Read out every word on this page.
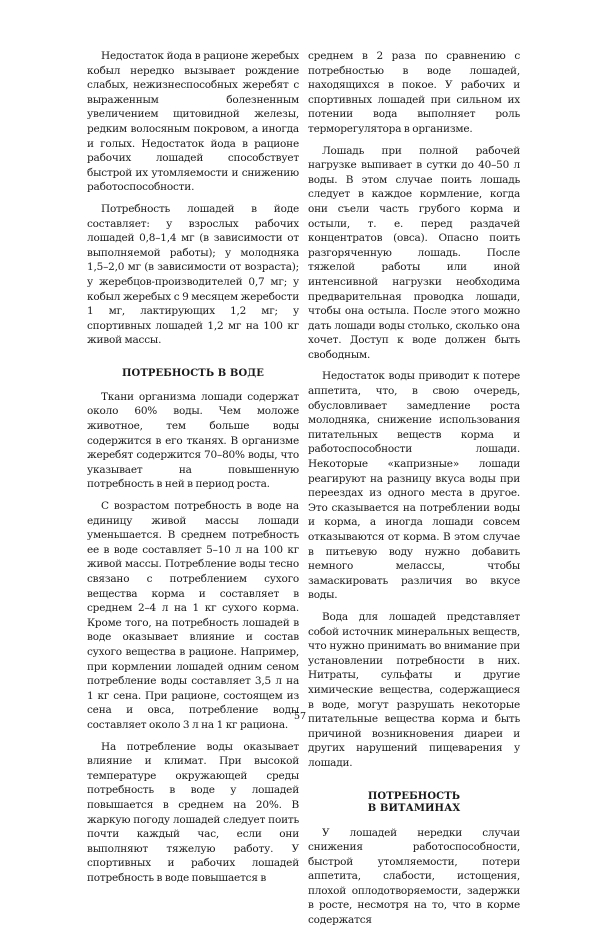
Недостаток йода в рационе жеребых кобыл нередко вызывает рождение слабых, нежизнеспособных жеребят с выраженным болезненным увеличением щитовидной железы, редким волосяным покровом, а иногда и голых. Недостаток йода в рационе рабочих лошадей способствует быстрой их утомляемости и снижению работоспособности.

Потребность лошадей в йоде составляет: у взрослых рабочих лошадей 0,8–1,4 мг (в зависимости от выполняемой работы); у молодняка 1,5–2,0 мг (в зависимости от возраста); у жеребцов-производителей 0,7 мг; у кобыл жеребых с 9 месяцем жеребости 1 мг, лактирующих 1,2 мг; у спортивных лошадей 1,2 мг на 100 кг живой массы.

ПОТРЕБНОСТЬ В ВОДЕ

Ткани организма лошади содержат около 60% воды. Чем моложе животное, тем больше воды содержится в его тканях. В организме жеребят содержится 70–80% воды, что указывает на повышенную потребность в ней в период роста.

С возрастом потребность в воде на единицу живой массы лошади уменьшается. В среднем потребность ее в воде составляет 5–10 л на 100 кг живой массы. Потребление воды тесно связано с потреблением сухого вещества корма и составляет в среднем 2–4 л на 1 кг сухого корма. Кроме того, на потребность лошадей в воде оказывает влияние и состав сухого вещества в рационе. Например, при кормлении лошадей одним сеном потребление воды составляет 3,5 л на 1 кг сена. При рационе, состоящем из сена и овса, потребление воды составляет около 3 л на 1 кг рациона.

На потребление воды оказывает влияние и климат. При высокой температуре окружающей среды потребность в воде у лошадей повышается в среднем на 20%. В жаркую погоду лошадей следует поить почти каждый час, если они выполняют тяжелую работу. У спортивных и рабочих лошадей потребность в воде повышается в

среднем в 2 раза по сравнению с потребностью в воде лошадей, находящихся в покое. У рабочих и спортивных лошадей при сильном их потении вода выполняет роль терморегулятора в организме.

Лошадь при полной рабочей нагрузке выпивает в сутки до 40–50 л воды. В этом случае поить лошадь следует в каждое кормление, когда они съели часть грубого корма и остыли, т. е. перед раздачей концентратов (овса). Опасно поить разгоряченную лошадь. После тяжелой работы или иной интенсивной нагрузки необходима предварительная проводка лошади, чтобы она остыла. После этого можно дать лошади воды столько, сколько она хочет. Доступ к воде должен быть свободным.

Недостаток воды приводит к потере аппетита, что, в свою очередь, обусловливает замедление роста молодняка, снижение использования питательных веществ корма и работоспособности лошади. Некоторые «капризные» лошади реагируют на разницу вкуса воды при переездах из одного места в другое. Это сказывается на потреблении воды и корма, а иногда лошади совсем отказываются от корма. В этом случае в питьевую воду нужно добавить немного мелассы, чтобы замаскировать различия во вкусе воды.

Вода для лошадей представляет собой источник минеральных веществ, что нужно принимать во внимание при установлении потребности в них. Нитраты, сульфаты и другие химические вещества, содержащиеся в воде, могут разрушать некоторые питательные вещества корма и быть причиной возникновения диареи и других нарушений пищеварения у лошади.

ПОТРЕБНОСТЬ
В ВИТАМИНАХ

У лошадей нередки случаи снижения работоспособности, быстрой утомляемости, потери аппетита, слабости, истощения, плохой оплодотворяемости, задержки в росте, несмотря на то, что в корме содержатся

57
